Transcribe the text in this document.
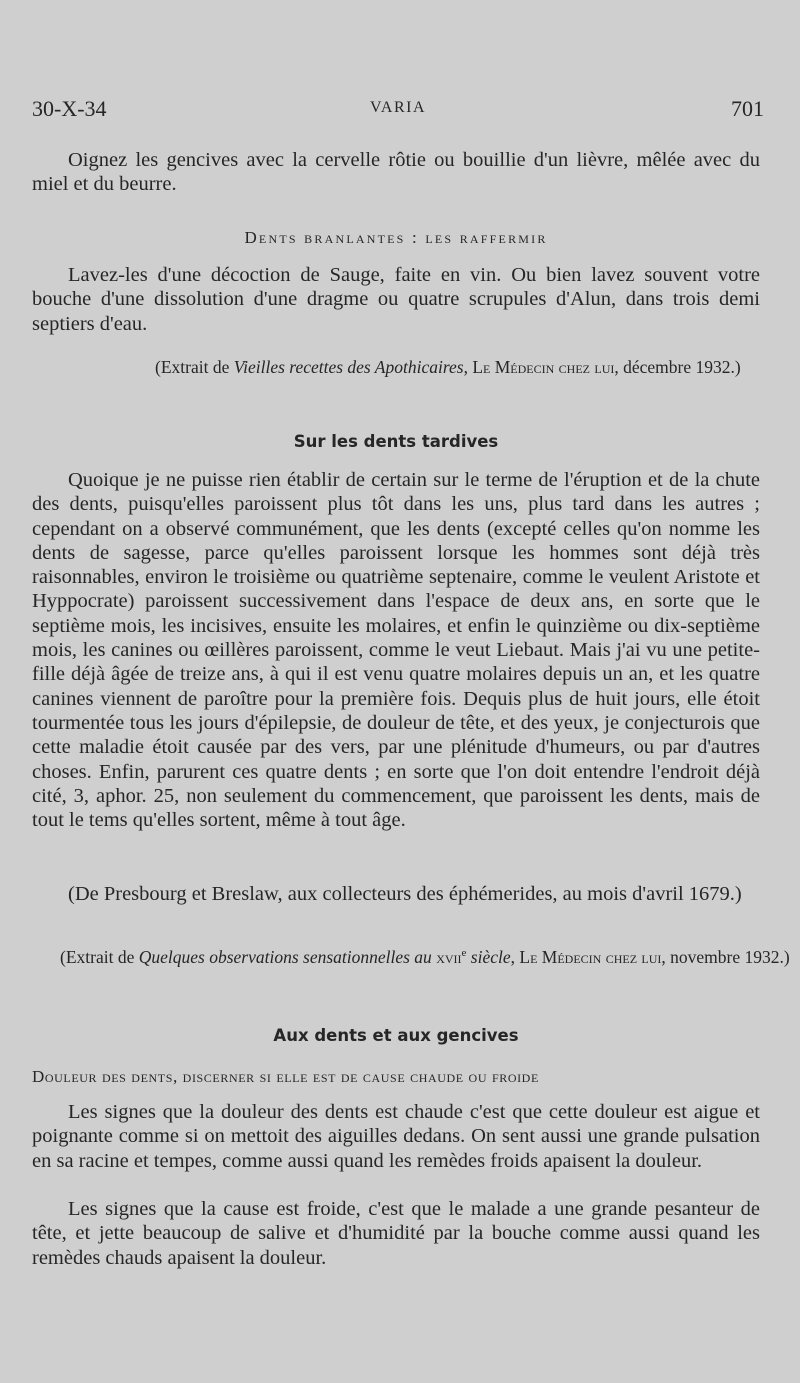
30-X-34	VARIA	701

Oignez les gencives avec la cervelle rôtie ou bouillie d'un lièvre, mêlée avec du miel et du beurre.

Dents branlantes : les raffermir

Lavez-les d'une décoction de Sauge, faite en vin. Ou bien lavez souvent votre bouche d'une dissolution d'une dragme ou quatre scrupules d'Alun, dans trois demi septiers d'eau.

(Extrait de Vieilles recettes des Apothicaires, Le Médecin chez lui, décembre 1932.)

Sur les dents tardives

Quoique je ne puisse rien établir de certain sur le terme de l'éruption et de la chute des dents, puisqu'elles paroissent plus tôt dans les uns, plus tard dans les autres ; cependant on a observé communément, que les dents (excepté celles qu'on nomme les dents de sagesse, parce qu'elles paroissent lorsque les hommes sont déjà très raisonnables, environ le troisième ou quatrième septenaire, comme le veulent Aristote et Hyppocrate) paroissent successivement dans l'espace de deux ans, en sorte que le septième mois, les incisives, ensuite les molaires, et enfin le quinzième ou dix-septième mois, les canines ou œillères paroissent, comme le veut Liebaut. Mais j'ai vu une petite-fille déjà âgée de treize ans, à qui il est venu quatre molaires depuis un an, et les quatre canines viennent de paroître pour la première fois. Dequis plus de huit jours, elle étoit tourmentée tous les jours d'épilepsie, de douleur de tête, et des yeux, je conjecturois que cette maladie étoit causée par des vers, par une plénitude d'humeurs, ou par d'autres choses. Enfin, parurent ces quatre dents ; en sorte que l'on doit entendre l'endroit déjà cité, 3, aphor. 25, non seulement du commencement, que paroissent les dents, mais de tout le tems qu'elles sortent, même à tout âge.

(De Presbourg et Breslaw, aux collecteurs des éphémerides, au mois d'avril 1679.)

(Extrait de Quelques observations sensationnelles au xvii$^e$ siècle, Le Médecin chez lui, novembre 1932.)

Aux dents et aux gencives

Douleur des dents, discerner si elle est de cause chaude ou froide

Les signes que la douleur des dents est chaude c'est que cette douleur est aigue et poignante comme si on mettoit des aiguilles dedans. On sent aussi une grande pulsation en sa racine et tempes, comme aussi quand les remèdes froids apaisent la douleur.

Les signes que la cause est froide, c'est que le malade a une grande pesanteur de tête, et jette beaucoup de salive et d'humidité par la bouche comme aussi quand les remèdes chauds apaisent la douleur.
